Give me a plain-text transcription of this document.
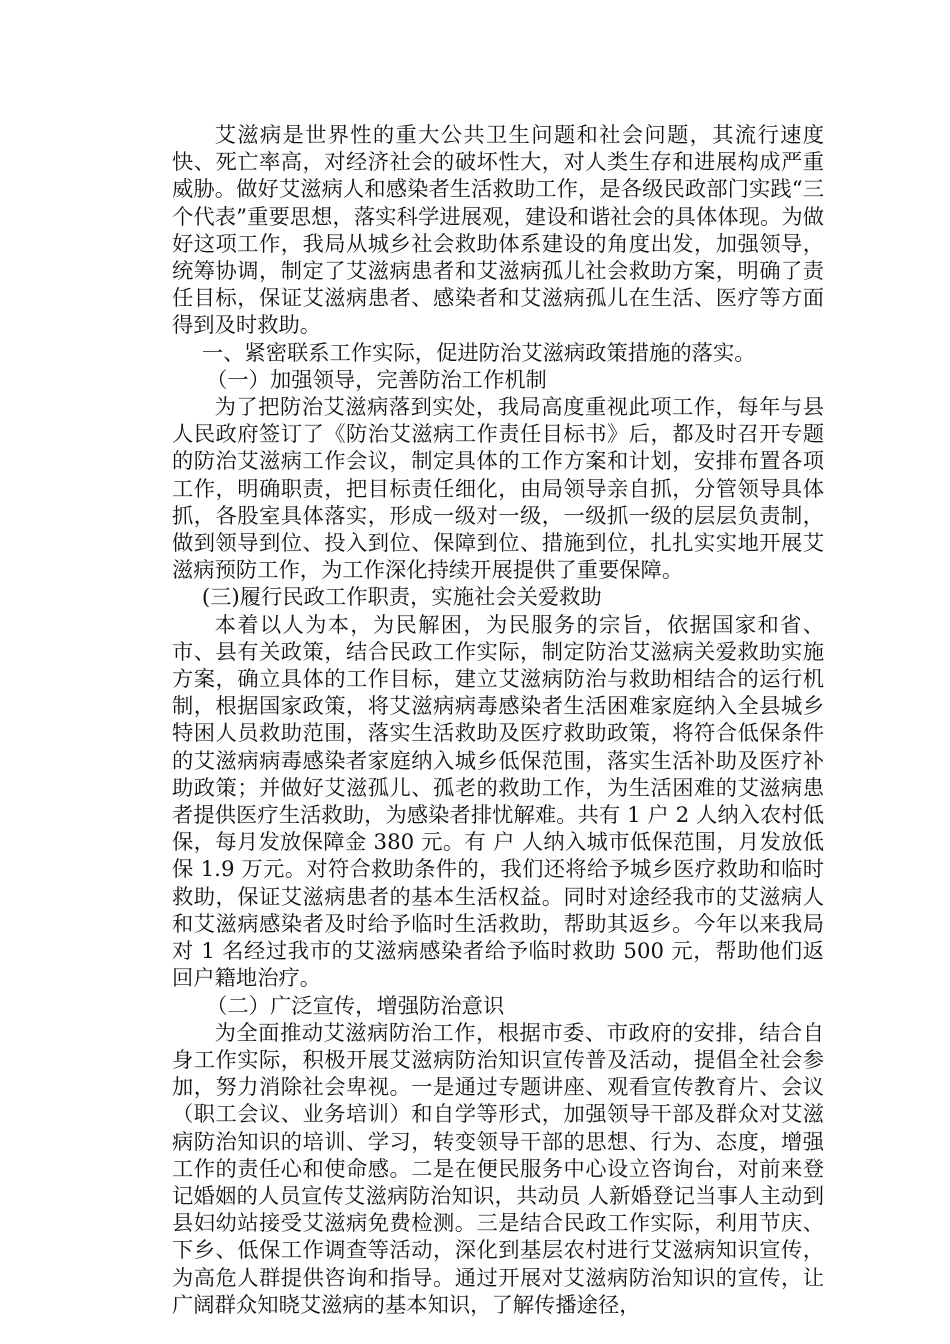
艾滋病是世界性的重大公共卫生问题和社会问题，其流行速度快、死亡率高，对经济社会的破坏性大，对人类生存和进展构成严重威胁。做好艾滋病人和感染者生活救助工作，是各级民政部门实践“三个代表”重要思想，落实科学进展观，建设和谐社会的具体体现。为做好这项工作，我局从城乡社会救助体系建设的角度出发，加强领导，统筹协调，制定了艾滋病患者和艾滋病孤儿社会救助方案，明确了责任目标，保证艾滋病患者、感染者和艾滋病孤儿在生活、医疗等方面得到及时救助。

一、紧密联系工作实际，促进防治艾滋病政策措施的落实。

（一）加强领导，完善防治工作机制

为了把防治艾滋病落到实处，我局高度重视此项工作，每年与县人民政府签订了《防治艾滋病工作责任目标书》后，都及时召开专题的防治艾滋病工作会议，制定具体的工作方案和计划，安排布置各项工作，明确职责，把目标责任细化，由局领导亲自抓，分管领导具体抓，各股室具体落实，形成一级对一级，一级抓一级的层层负责制，做到领导到位、投入到位、保障到位、措施到位，扎扎实实地开展艾滋病预防工作，为工作深化持续开展提供了重要保障。

(三)履行民政工作职责，实施社会关爱救助

本着以人为本，为民解困，为民服务的宗旨，依据国家和省、市、县有关政策，结合民政工作实际，制定防治艾滋病关爱救助实施方案，确立具体的工作目标，建立艾滋病防治与救助相结合的运行机制，根据国家政策，将艾滋病病毒感染者生活困难家庭纳入全县城乡特困人员救助范围，落实生活救助及医疗救助政策，将符合低保条件的艾滋病病毒感染者家庭纳入城乡低保范围，落实生活补助及医疗补助政策；并做好艾滋孤儿、孤老的救助工作，为生活困难的艾滋病患者提供医疗生活救助，为感染者排忧解难。共有 1 户 2 人纳入农村低保，每月发放保障金 380 元。有 户 人纳入城市低保范围，月发放低保 1.9 万元。对符合救助条件的，我们还将给予城乡医疗救助和临时救助，保证艾滋病患者的基本生活权益。同时对途经我市的艾滋病人和艾滋病感染者及时给予临时生活救助，帮助其返乡。今年以来我局对 1 名经过我市的艾滋病感染者给予临时救助 500 元，帮助他们返回户籍地治疗。

（二）广泛宣传，增强防治意识

为全面推动艾滋病防治工作，根据市委、市政府的安排，结合自身工作实际，积极开展艾滋病防治知识宣传普及活动，提倡全社会参加，努力消除社会卑视。一是通过专题讲座、观看宣传教育片、会议（职工会议、业务培训）和自学等形式，加强领导干部及群众对艾滋病防治知识的培训、学习，转变领导干部的思想、行为、态度，增强工作的责任心和使命感。二是在便民服务中心设立咨询台，对前来登记婚姻的人员宣传艾滋病防治知识，共动员 人新婚登记当事人主动到县妇幼站接受艾滋病免费检测。三是结合民政工作实际，利用节庆、下乡、低保工作调查等活动，深化到基层农村进行艾滋病知识宣传，为高危人群提供咨询和指导。通过开展对艾滋病防治知识的宣传，让广阔群众知晓艾滋病的基本知识，了解传播途径，
